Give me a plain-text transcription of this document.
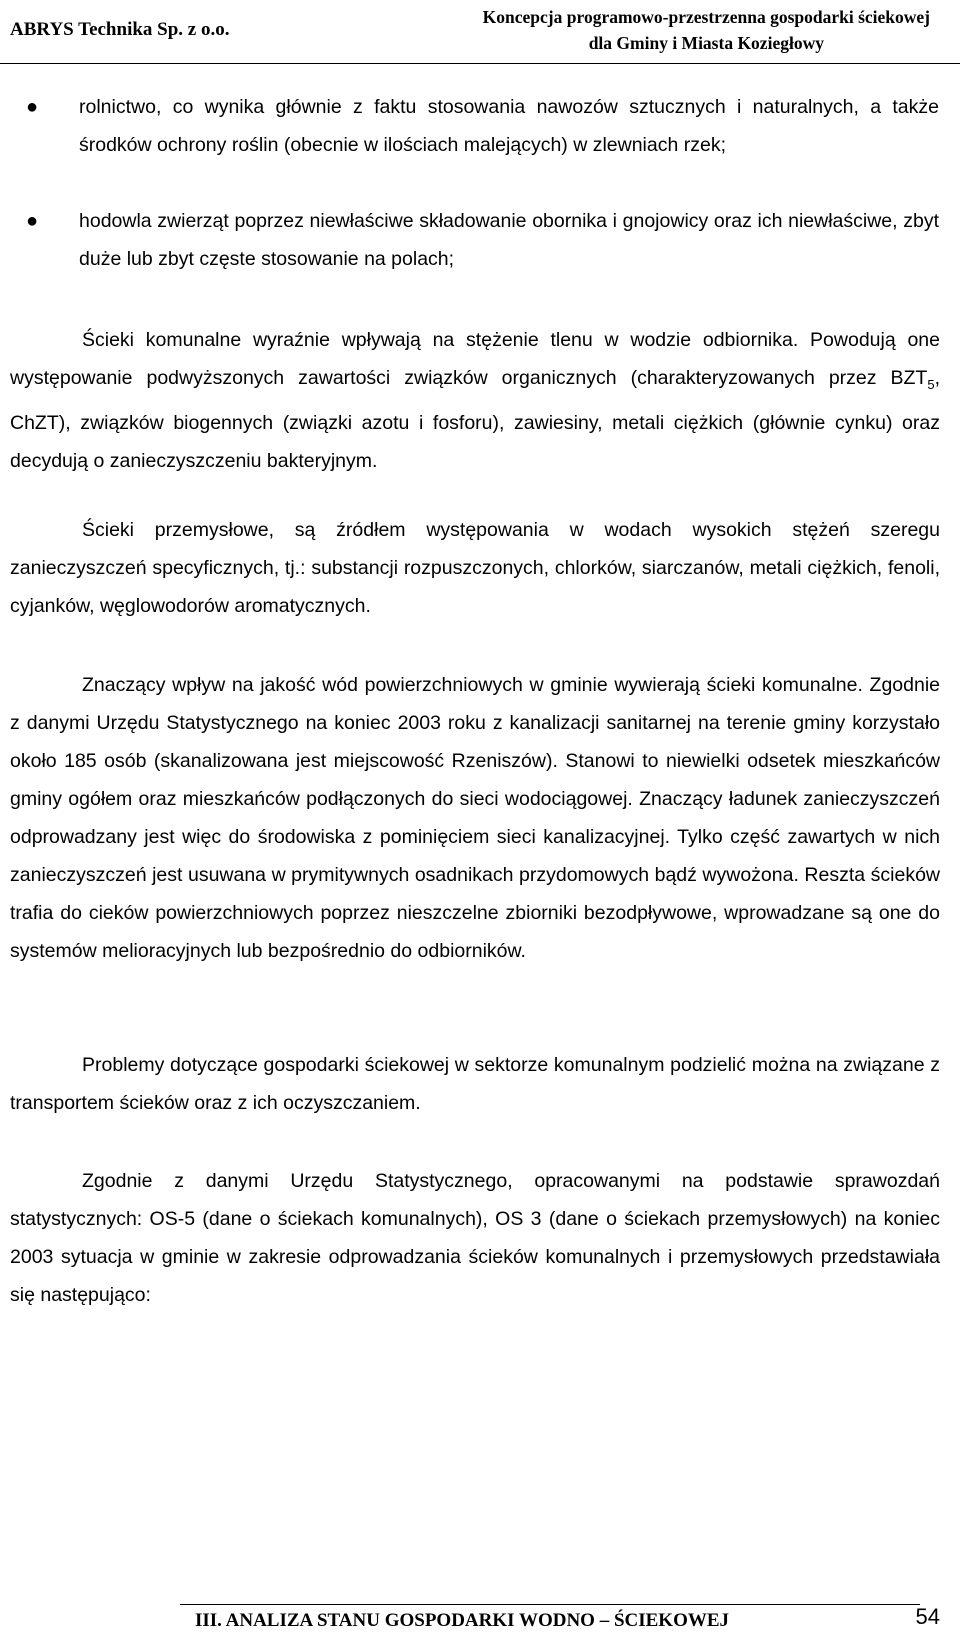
ABRYS Technika Sp. z o.o.
Koncepcja programowo-przestrzenna gospodarki ściekowej
dla Gminy i Miasta Koziegłowy
● rolnictwo, co wynika głównie z faktu stosowania nawozów sztucznych i naturalnych, a także środków ochrony roślin (obecnie w ilościach malejących) w zlewniach rzek;
● hodowla zwierząt poprzez niewłaściwe składowanie obornika i gnojowicy oraz ich niewłaściwe, zbyt duże lub zbyt częste stosowanie na polach;
Ścieki komunalne wyraźnie wpływają na stężenie tlenu w wodzie odbiornika. Powodują one występowanie podwyższonych zawartości związków organicznych (charakteryzowanych przez $BZT_5$, ChZT), związków biogennych (związki azotu i fosforu), zawiesiny, metali ciężkich (głównie cynku) oraz decydują o zanieczyszczeniu bakteryjnym.
Ścieki przemysłowe, są źródłem występowania w wodach wysokich stężeń szeregu zanieczyszczeń specyficznych, tj.: substancji rozpuszczonych, chlorków, siarczanów, metali ciężkich, fenoli, cyjanków, węglowodorów aromatycznych.
Znaczący wpływ na jakość wód powierzchniowych w gminie wywierają ścieki komunalne. Zgodnie z danymi Urzędu Statystycznego na koniec 2003 roku z kanalizacji sanitarnej na terenie gminy korzystało około 185 osób (skanalizowana jest miejscowość Rzeniszów). Stanowi to niewielki odsetek mieszkańców gminy ogółem oraz mieszkańców podłączonych do sieci wodociągowej. Znaczący ładunek zanieczyszczeń odprowadzany jest więc do środowiska z pominięciem sieci kanalizacyjnej. Tylko część zawartych w nich zanieczyszczeń jest usuwana w prymitywnych osadnikach przydomowych bądź wywożona. Reszta ścieków trafia do cieków powierzchniowych poprzez nieszczelne zbiorniki bezodpływowe, wprowadzane są one do systemów melioracyjnych lub bezpośrednio do odbiorników.
Problemy dotyczące gospodarki ściekowej w sektorze komunalnym podzielić można na związane z transportem ścieków oraz z ich oczyszczaniem.
Zgodnie z danymi Urzędu Statystycznego, opracowanymi na podstawie sprawozdań statystycznych: OS-5 (dane o ściekach komunalnych), OS 3 (dane o ściekach przemysłowych) na koniec 2003 sytuacja w gminie w zakresie odprowadzania ścieków komunalnych i przemysłowych przedstawiała się następująco:
III. ANALIZA STANU GOSPODARKI WODNO – ŚCIEKOWEJ	54
